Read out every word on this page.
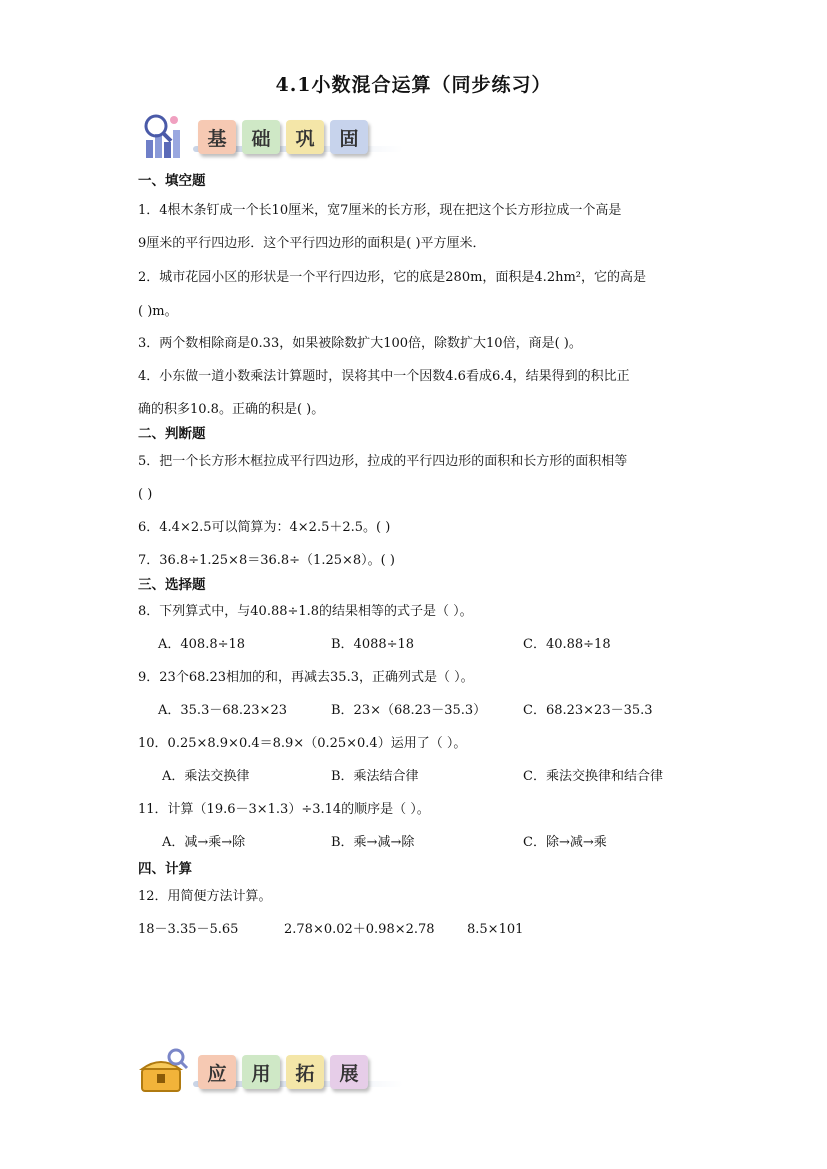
4.1小数混合运算（同步练习）
基	础	巩	固

一、填空题

1．4根木条钉成一个长10厘米，宽7厘米的长方形，现在把这个长方形拉成一个高是

9厘米的平行四边形．这个平行四边形的面积是( )平方厘米．

2．城市花园小区的形状是一个平行四边形，它的底是280m，面积是4.2hm²，它的高是

( )m。

3．两个数相除商是0.33，如果被除数扩大100倍，除数扩大10倍，商是( )。

4．小东做一道小数乘法计算题时，误将其中一个因数4.6看成6.4，结果得到的积比正

确的积多10.8。正确的积是( )。

二、判断题

5．把一个长方形木框拉成平行四边形，拉成的平行四边形的面积和长方形的面积相等

( )

6．4.4×2.5可以简算为：4×2.5＋2.5。( )

7．36.8÷1.25×8＝36.8÷（1.25×8）。( )

三、选择题

8．下列算式中，与40.88÷1.8的结果相等的式子是（ ）。

A．408.8÷18	B．4088÷18	C．40.88÷18

9．23个68.23相加的和，再减去35.3，正确列式是（ ）。

A．35.3－68.23×23	B．23×（68.23－35.3）	C．68.23×23－35.3

10．0.25×8.9×0.4＝8.9×（0.25×0.4）运用了（ ）。

A．乘法交换律	B．乘法结合律	C．乘法交换律和结合律

11．计算（19.6－3×1.3）÷3.14的顺序是（ ）。

A．减→乘→除	B．乘→减→除	C．除→减→乘

四、计算

12．用简便方法计算。

18－3.35－5.65	2.78×0.02＋0.98×2.78	8.5×101
应	用	拓	展
